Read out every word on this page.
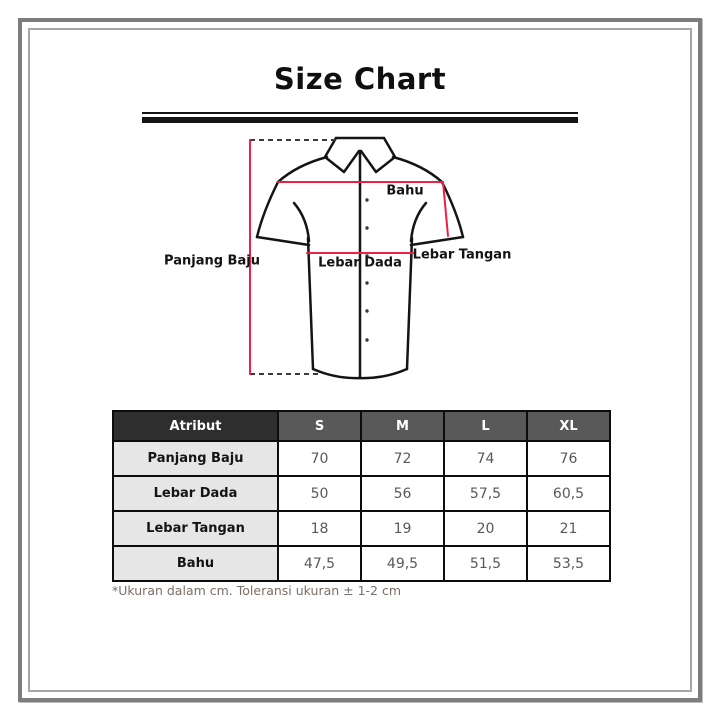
Size Chart
Panjang Baju
Bahu
Lebar Dada
Lebar Tangan
Atribut	S	M	L	XL
Panjang Baju	70	72	74	76
Lebar Dada	50	56	57,5	60,5
Lebar Tangan	18	19	20	21
Bahu	47,5	49,5	51,5	53,5
*Ukuran dalam cm. Toleransi ukuran ± 1-2 cm
